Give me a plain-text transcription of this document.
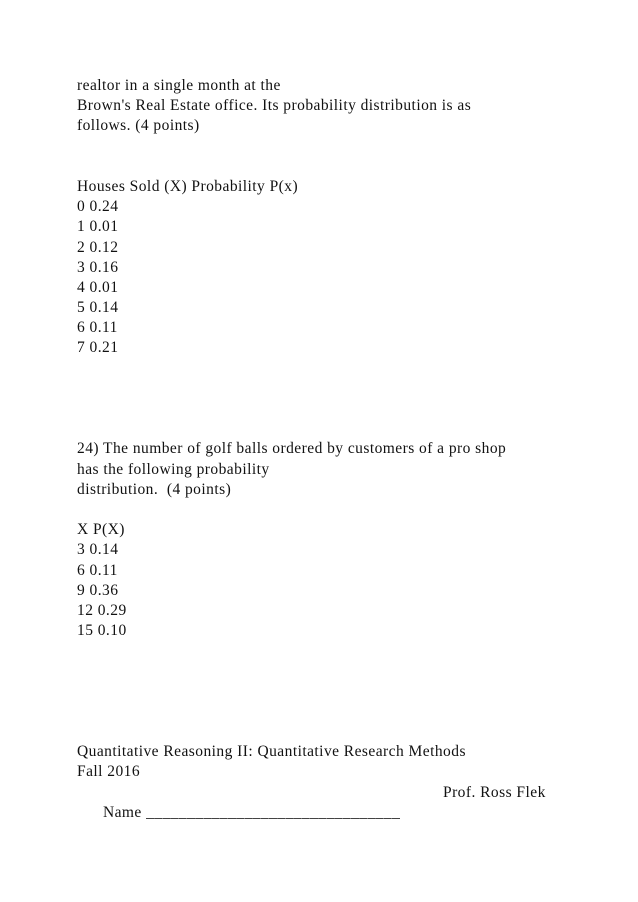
realtor in a single month at the
Brown's Real Estate office. Its probability distribution is as
follows. (4 points)
Houses Sold (X) Probability P(x)
0 0.24
1 0.01
2 0.12
3 0.16
4 0.01
5 0.14
6 0.11
7 0.21
24) The number of golf balls ordered by customers of a pro shop
has the following probability
distribution.  (4 points)
X P(X)
3 0.14
6 0.11
9 0.36
12 0.29
15 0.10
Quantitative Reasoning II: Quantitative Research Methods
Fall 2016

Name _______________________________

Prof. Ross Flek
